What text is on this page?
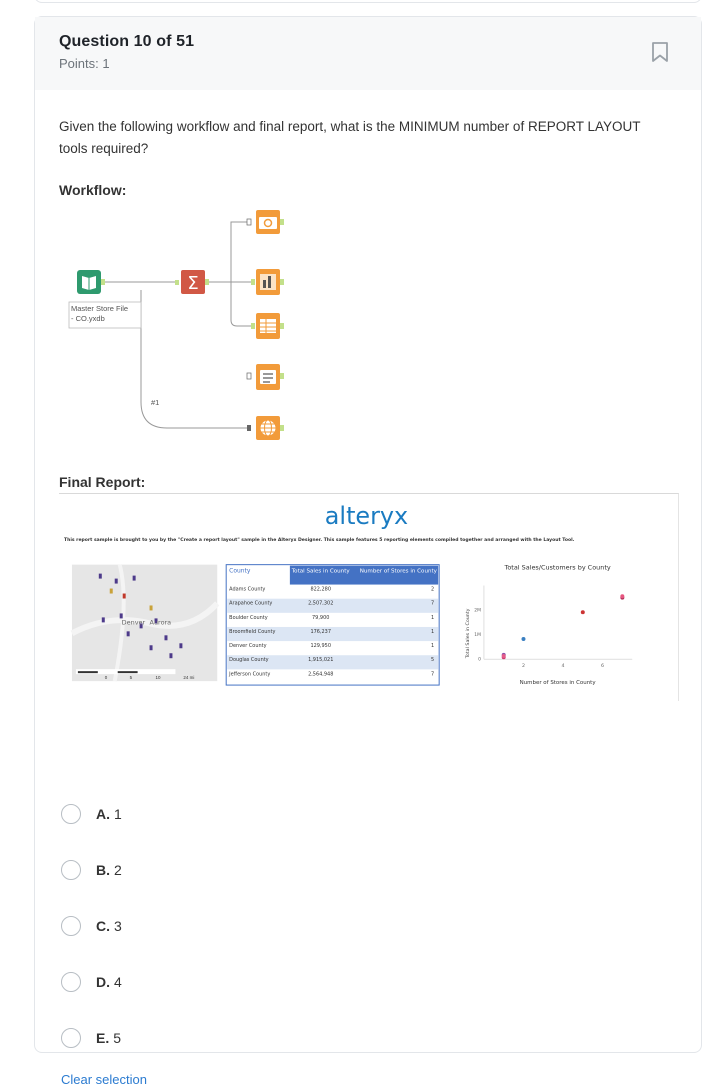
Question 10 of 51
Points: 1
Given the following workflow and final report, what is the MINIMUM number of REPORT LAYOUT tools required?
Workflow:
Master Store File
- CO.yxdb
Σ
#1
Final Report:
alteryx
This report sample is brought to you by the "Create a report layout" sample in the Alteryx Designer. This sample features 5 reporting elements compiled together and arranged with the Layout Tool.
Denver Aurora
0	5	10	24 mi
County	Total Sales in County Number of Stores in County
Adams County	822,280	2
Arapahoe County	2,507,302	7
Boulder County	79,900	1
Broomfield County	176,237	1
Denver County	129,950	1
Douglas County	1,915,021	5
Jefferson County	2,564,948	7
Total Sales/Customers by County
Total Sales in County
Number of Stores in County
2M
1M
0
2	4	6
A. 1
B. 2
C. 3
D. 4
E. 5
Clear selection
